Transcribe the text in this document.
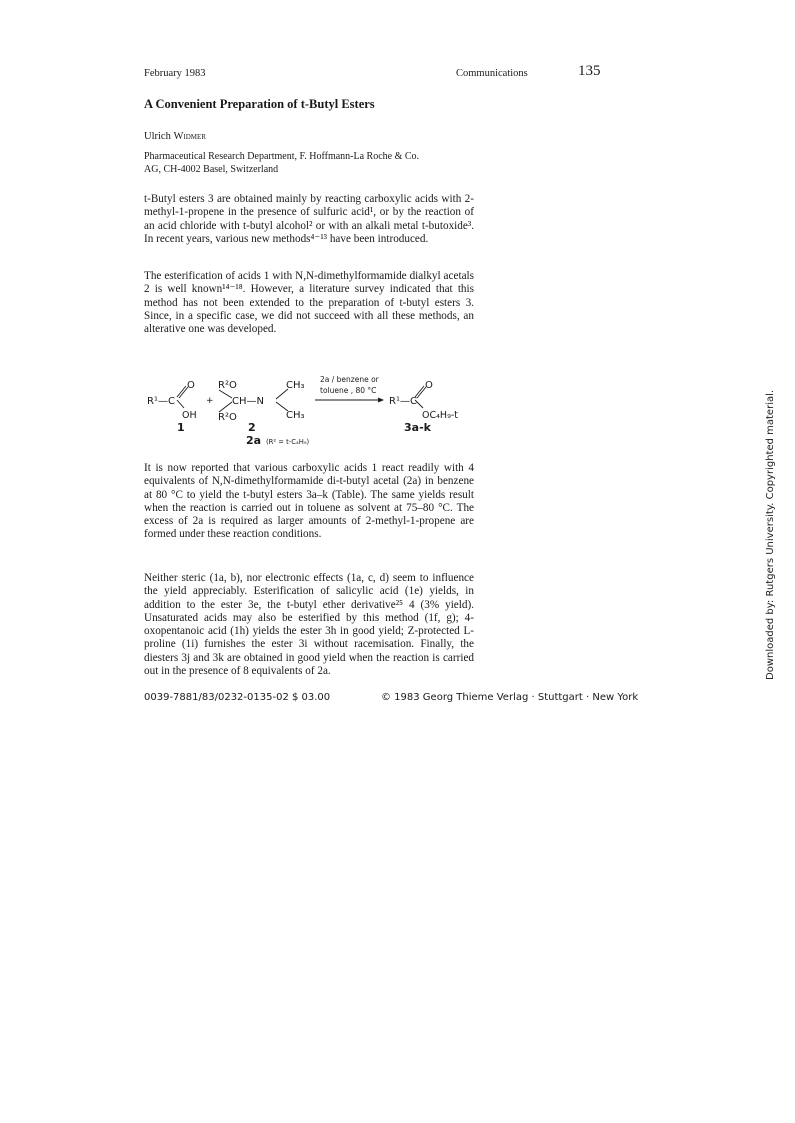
February 1983	Communications	135
A Convenient Preparation of t-Butyl Esters
Ulrich Widmer
Pharmaceutical Research Department, F. Hoffmann-La Roche & Co.
AG, CH-4002 Basel, Switzerland

t-Butyl esters 3 are obtained mainly by reacting carboxylic acids with 2-methyl-1-propene in the presence of sulfuric acid¹, or by the reaction of an acid chloride with t-butyl alcohol² or with an alkali metal t-butoxide³. In recent years, various new methods⁴⁻¹³ have been introduced.

The esterification of acids 1 with N,N-dimethylformamide dialkyl acetals 2 is well known¹⁴⁻¹⁸. However, a literature survey indicated that this method has not been extended to the preparation of t-butyl esters 3. Since, in a specific case, we did not succeed with all these methods, an alterative one was developed.

R¹—C
O
OH
+
R²O
R²O
CH—N
CH₃
CH₃
2a / benzene or
toluene , 80 °C
R¹—C
O
OC₄H₉-t
1	2
2a (R² = t-C₄H₉)
3a-k

It is now reported that various carboxylic acids 1 react readily with 4 equivalents of N,N-dimethylformamide di-t-butyl acetal (2a) in benzene at 80 °C to yield the t-butyl esters 3a–k (Table). The same yields result when the reaction is carried out in toluene as solvent at 75–80 °C. The excess of 2a is required as larger amounts of 2-methyl-1-propene are formed under these reaction conditions.

Neither steric (1a, b), nor electronic effects (1a, c, d) seem to influence the yield appreciably. Esterification of salicylic acid (1e) yields, in addition to the ester 3e, the t-butyl ether derivative²⁵ 4 (3% yield). Unsaturated acids may also be esterified by this method (1f, g); 4-oxopentanoic acid (1h) yields the ester 3h in good yield; Z-protected L-proline (1i) furnishes the ester 3i without racemisation. Finally, the diesters 3j and 3k are obtained in good yield when the reaction is carried out in the presence of 8 equivalents of 2a.

0039-7881/83/0232-0135-02 $ 03.00	© 1983 Georg Thieme Verlag · Stuttgart · New York
Downloaded by: Rutgers University. Copyrighted material.
